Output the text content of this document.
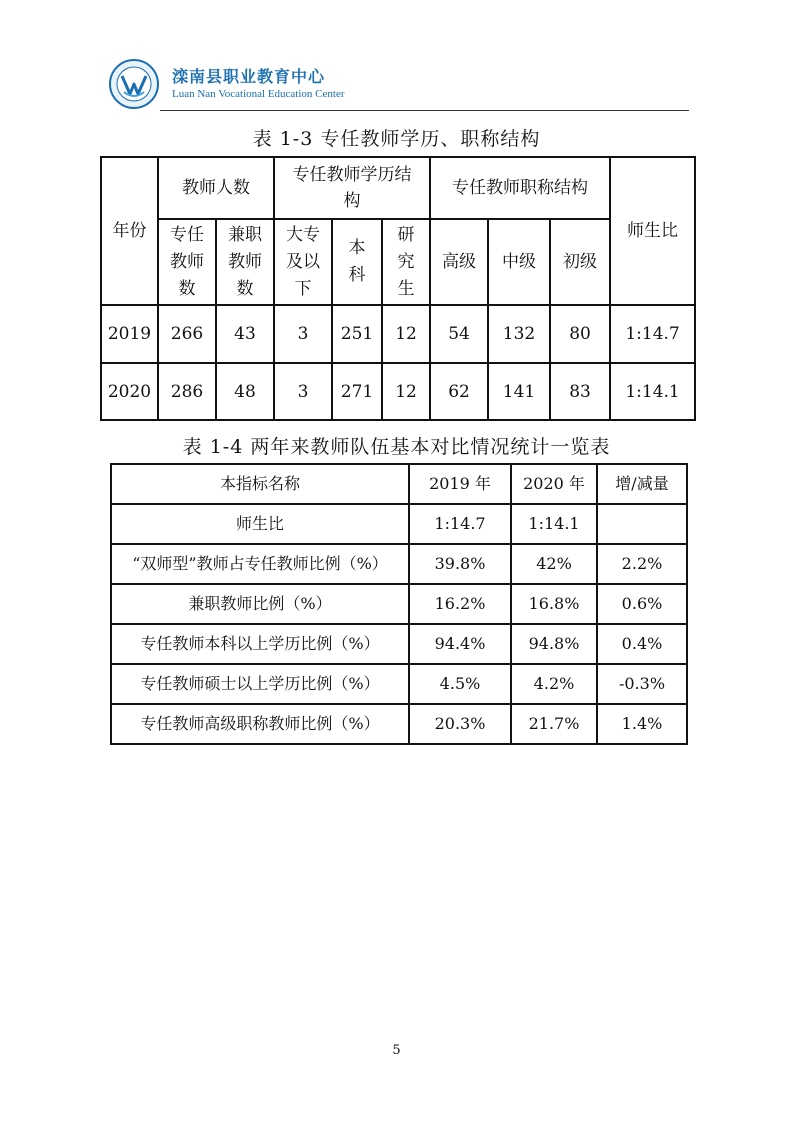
滦南县职业教育中心
Luan Nan Vocational Education Center
表 1-3 专任教师学历、职称结构
年份	教师人数		专任教师学历结构			专任教师职称结构			师生比
	专任教师数	兼职教师数	大专及以下	本科	研究生	高级	中级	初级	
2019	266	43	3	251	12	54	132	80	1:14.7
2020	286	48	3	271	12	62	141	83	1:14.1
表 1-4 两年来教师队伍基本对比情况统计一览表
本指标名称	2019 年	2020 年	增/减量
师生比	1:14.7	1:14.1	
“双师型”教师占专任教师比例（%）	39.8%	42%	2.2%
兼职教师比例（%）	16.2%	16.8%	0.6%
专任教师本科以上学历比例（%）	94.4%	94.8%	0.4%
专任教师硕士以上学历比例（%）	4.5%	4.2%	-0.3%
专任教师高级职称教师比例（%）	20.3%	21.7%	1.4%
5
